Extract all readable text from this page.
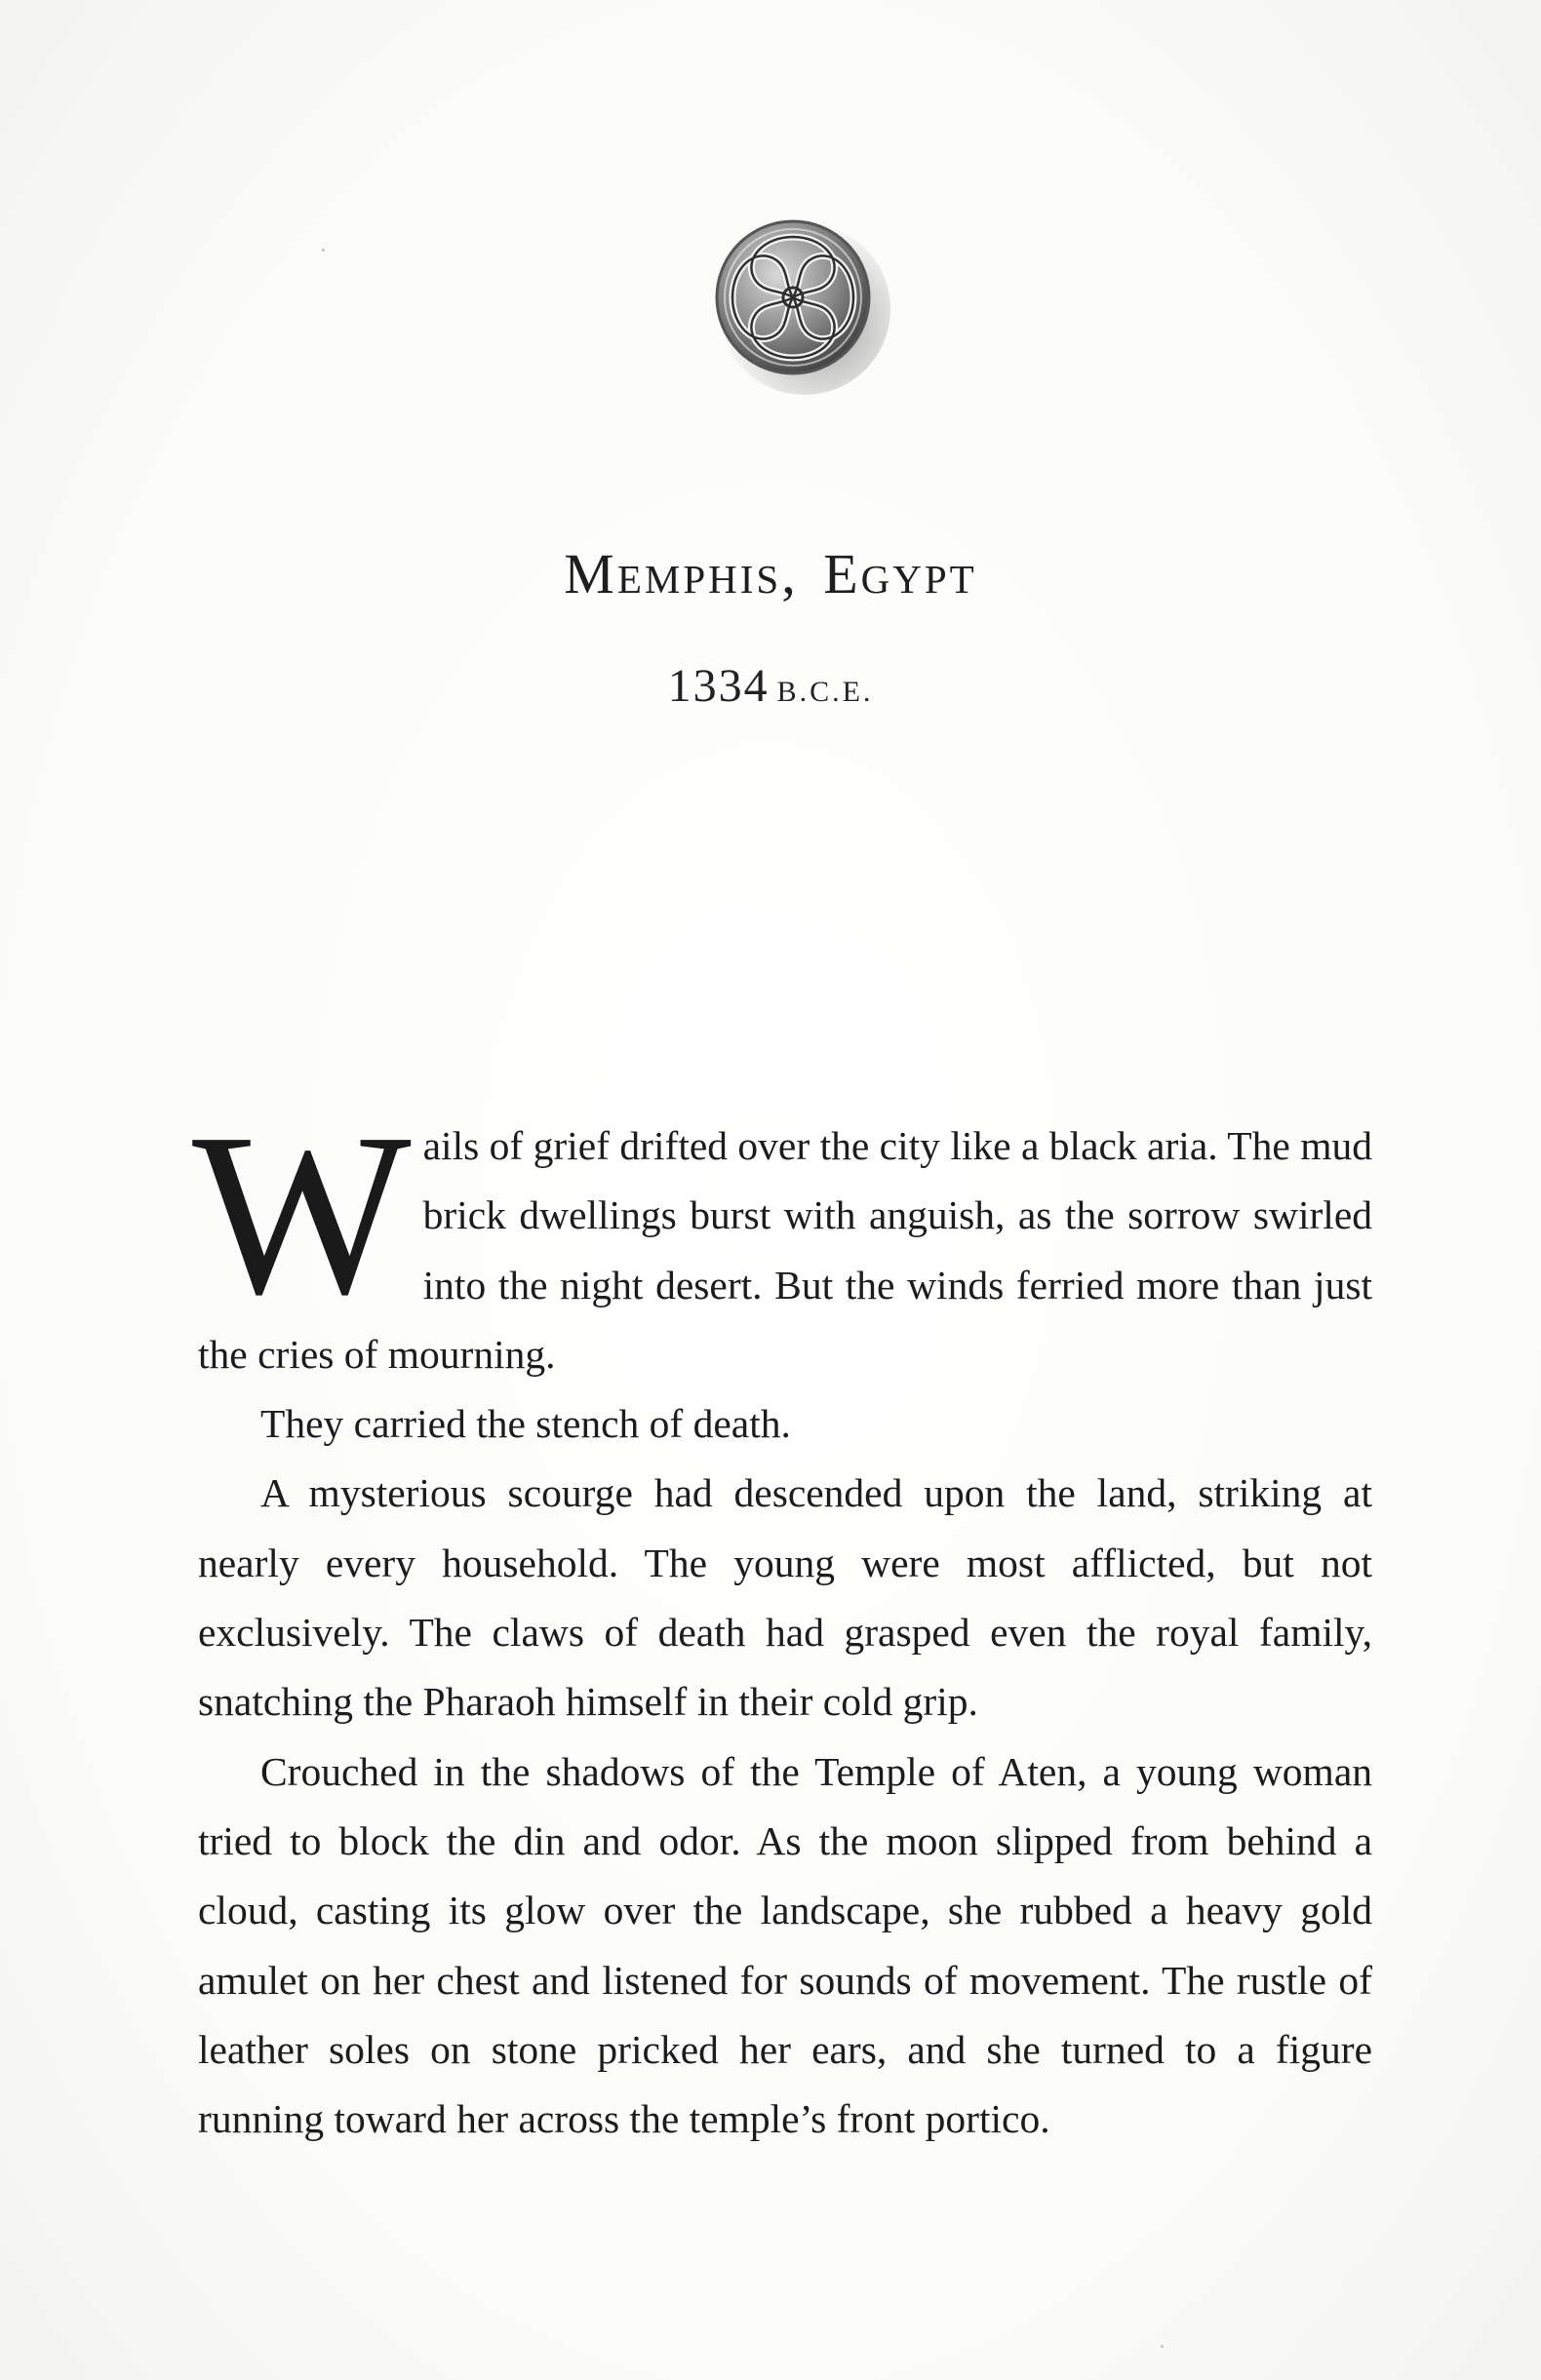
Memphis, Egypt
1334 B.C.E.

Wails of grief drifted over the city like a black aria. The mud brick dwellings burst with anguish, as the sorrow swirled into the night desert. But the winds ferried more than just the cries of mourning.

They carried the stench of death.

A mysterious scourge had descended upon the land, striking at nearly every household. The young were most afflicted, but not exclusively. The claws of death had grasped even the royal family, snatching the Pharaoh himself in their cold grip.

Crouched in the shadows of the Temple of Aten, a young woman tried to block the din and odor. As the moon slipped from behind a cloud, casting its glow over the landscape, she rubbed a heavy gold amulet on her chest and listened for sounds of movement. The rustle of leather soles on stone pricked her ears, and she turned to a figure running toward her across the temple’s front portico.
